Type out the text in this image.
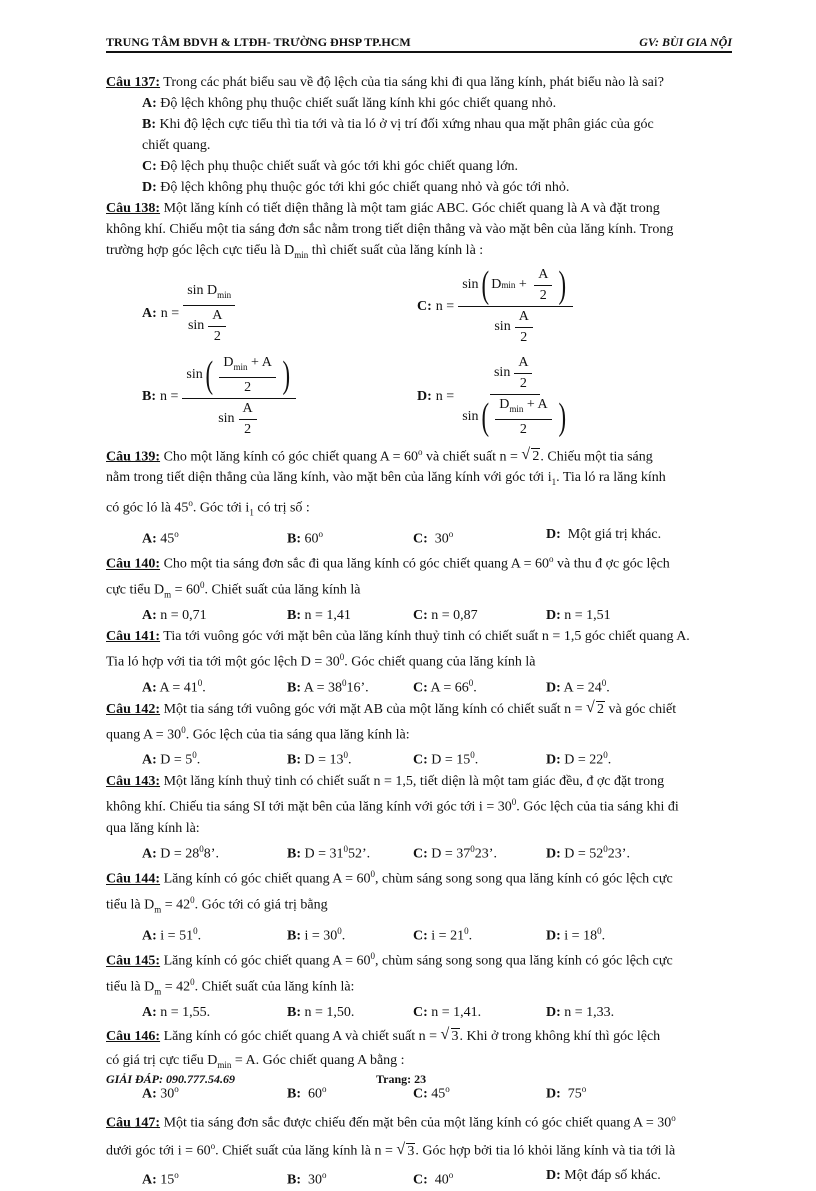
TRUNG TÂM BDVH & LTĐH- TRƯỜNG ĐHSP TP.HCM	GV: BÙI GIA NỘI

Câu 137: Trong các phát biểu sau về độ lệch của tia sáng khi đi qua lăng kính, phát biểu nào là sai?

A: Độ lệch không phụ thuộc chiết suất lăng kính khi góc chiết quang nhỏ.

B: Khi độ lệch cực tiểu thì tia tới và tia ló ở vị trí đối xứng nhau qua mặt phân giác của góc

chiết quang.

C: Độ lệch phụ thuộc chiết suất và góc tới khi góc chiết quang lớn.

D: Độ lệch không phụ thuộc góc tới khi góc chiết quang nhỏ và góc tới nhỏ.

Câu 138: Một lăng kính có tiết diện thẳng là một tam giác ABC. Góc chiết quang là A và đặt trong

không khí. Chiếu một tia sáng đơn sắc nằm trong tiết diện thẳng và vào mặt bên của lăng kính. Trong

trường hợp góc lệch cực tiểu là $D_{min}$ thì chiết suất của lăng kính là :

A: $n = \frac{\sin D_{min}}{\sin \frac{A}{2}}$	C: n = sin ( D min
+
$\frac{A}{2}$ )
$\sin \frac{A}{2}$
B: $n = \frac{\sin ( \frac{D_{min} + A}{2} )}{\sin \frac{A}{2}}$	D: $n = \frac{\sin \frac{A}{2}}{\sin ( \frac{D_{min} + A}{2} )}$

Câu 139: Cho một lăng kính có góc chiết quang $A = 60^o$ và chiết suất n = √ 2. Chiếu một tia sáng

nằm trong tiết diện thẳng của lăng kính, vào mặt bên của lăng kính với góc tới $i_1$. Tia ló ra lăng kính

có góc ló là 45$^o$. Góc tới $i_1$ có trị số :

A: 45$^o$	B: 60$^o$	C: 30$^o$	D: Một giá trị khác.

Câu 140: Cho một tia sáng đơn sắc đi qua lăng kính có góc chiết quang $A = 60^o$ và thu đ ợc góc lệch

cực tiểu $D_m = 60^0$. Chiết suất của lăng kính là

A: n = 0,71	B: n = 1,41	C: n = 0,87	D: n = 1,51

Câu 141: Tia tới vuông góc với mặt bên của lăng kính thuỷ tinh có chiết suất n = 1,5 góc chiết quang A.

Tia ló hợp với tia tới một góc lệch $D = 30^0$. Góc chiết quang của lăng kính là

A: $A = 41^0$.	B: $A = 38^016$’.	C: $A = 66^0$.	D: $A = 24^0$.

Câu 142: Một tia sáng tới vuông góc với mặt AB của một lăng kính có chiết suất n = √ 2 và góc chiết

quang $A = 30^0$. Góc lệch của tia sáng qua lăng kính là:

A: $D = 5^0$.	B: $D = 13^0$.	C: $D = 15^0$.	D: $D = 22^0$.

Câu 143: Một lăng kính thuỷ tinh có chiết suất n = 1,5, tiết diện là một tam giác đều, đ ợc đặt trong

không khí. Chiếu tia sáng SI tới mặt bên của lăng kính với góc tới $i = 30^0$. Góc lệch của tia sáng khi đi

qua lăng kính là:

A: $D = 28^08$’.	B: $D = 31^052$’.	C: $D = 37^023$’.	D: $D = 52^023$’.

Câu 144: Lăng kính có góc chiết quang $A = 60^0$, chùm sáng song song qua lăng kính có góc lệch cực

tiểu là $D_m = 42^0$. Góc tới có giá trị bằng

A: $i = 51^0$.	B: $i = 30^0$.	C: $i = 21^0$.	D: $i = 18^0$.

Câu 145: Lăng kính có góc chiết quang $A = 60^0$, chùm sáng song song qua lăng kính có góc lệch cực

tiểu là $D_m = 42^0$. Chiết suất của lăng kính là:

A: n = 1,55.	B: n = 1,50.	C: n = 1,41.	D: n = 1,33.

Câu 146: Lăng kính có góc chiết quang A và chiết suất n = √ 3. Khi ở trong không khí thì góc lệch

có giá trị cực tiểu $D_{min} = A$. Góc chiết quang A bằng :

A: 30$^o$	B: 60$^o$	C: 45$^o$	D: 75$^o$

Câu 147: Một tia sáng đơn sắc được chiếu đến mặt bên của một lăng kính có góc chiết quang $A = 30^o$

dưới góc tới $i = 60^o$. Chiết suất của lăng kính là n = √ 3. Góc hợp bởi tia ló khỏi lăng kính và tia tới là

A: 15$^o$	B: 30$^o$	C: 40$^o$	D: Một đáp số khác.
GIẢI ĐÁP: 090.777.54.69	Trang: 23
